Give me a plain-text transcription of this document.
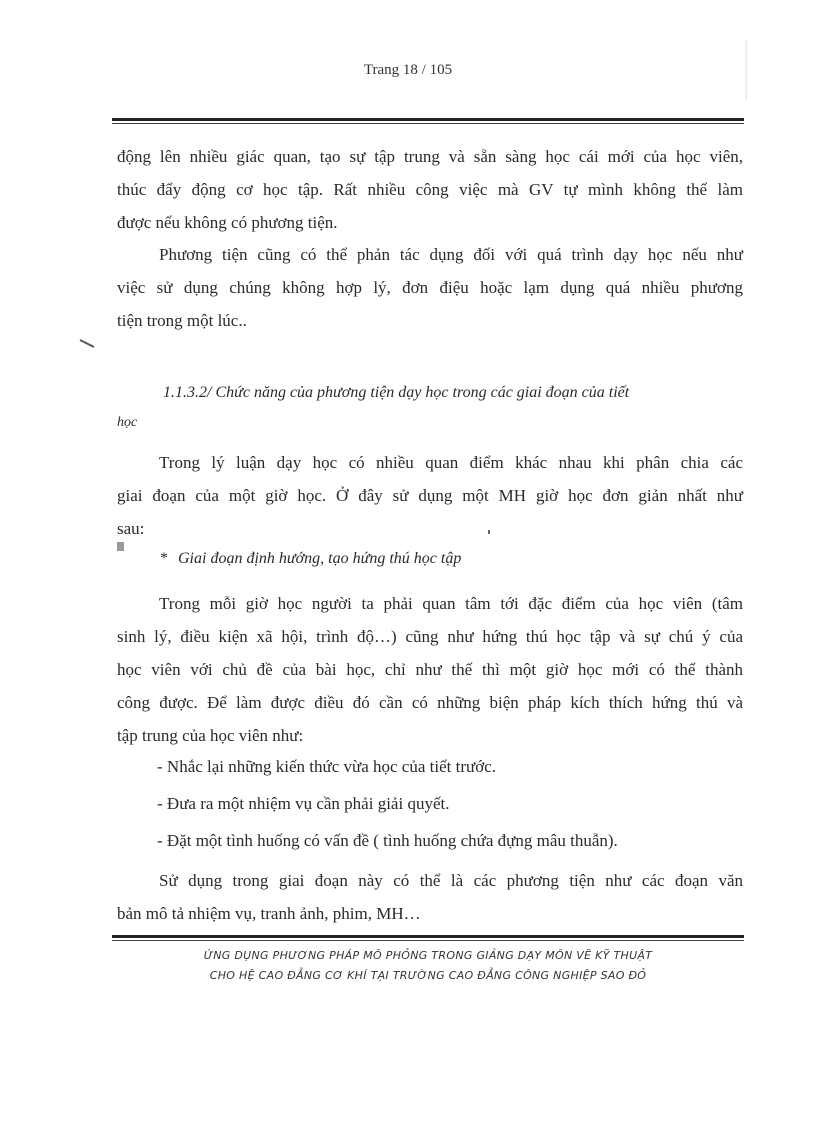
Trang 18 / 105
động lên nhiều giác quan, tạo sự tập trung và sẵn sàng học cái mới của học viên,
thúc đẩy động cơ học tập. Rất nhiều công việc mà GV tự mình không thể làm
được nếu không có phương tiện.
Phương tiện cũng có thể phản tác dụng đối với quá trình dạy học nếu như
việc sử dụng chúng không hợp lý, đơn điệu hoặc lạm dụng quá nhiều phương
tiện trong một lúc..
1.1.3.2/ Chức năng của phương tiện dạy học trong các giai đoạn của tiết
học
Trong lý luận dạy học có nhiều quan điểm khác nhau khi phân chia các
giai đoạn của một giờ học. Ở đây sử dụng một MH giờ học đơn giản nhất như
sau:
* Giai đoạn định hướng, tạo hứng thú học tập
Trong mỗi giờ học người ta phải quan tâm tới đặc điểm của học viên (tâm
sinh lý, điều kiện xã hội, trình độ…) cũng như hứng thú học tập và sự chú ý của
học viên với chủ đề của bài học, chỉ như thế thì một giờ học mới có thể thành
công được. Để làm được điều đó cần có những biện pháp kích thích hứng thú và
tập trung của học viên như:
- Nhắc lại những kiến thức vừa học của tiết trước.
- Đưa ra một nhiệm vụ cần phải giải quyết.
- Đặt một tình huống có vấn đề ( tình huống chứa đựng mâu thuẫn).
Sử dụng trong giai đoạn này có thể là các phương tiện như các đoạn văn
bản mô tả nhiệm vụ, tranh ảnh, phim, MH…
ỨNG DỤNG PHƯƠNG PHÁP MÔ PHỎNG TRONG GIẢNG DẠY MÔN VẼ KỸ THUẬT
CHO HỆ CAO ĐẲNG CƠ KHÍ TẠI TRƯỜNG CAO ĐẲNG CÔNG NGHIỆP SAO ĐỎ
